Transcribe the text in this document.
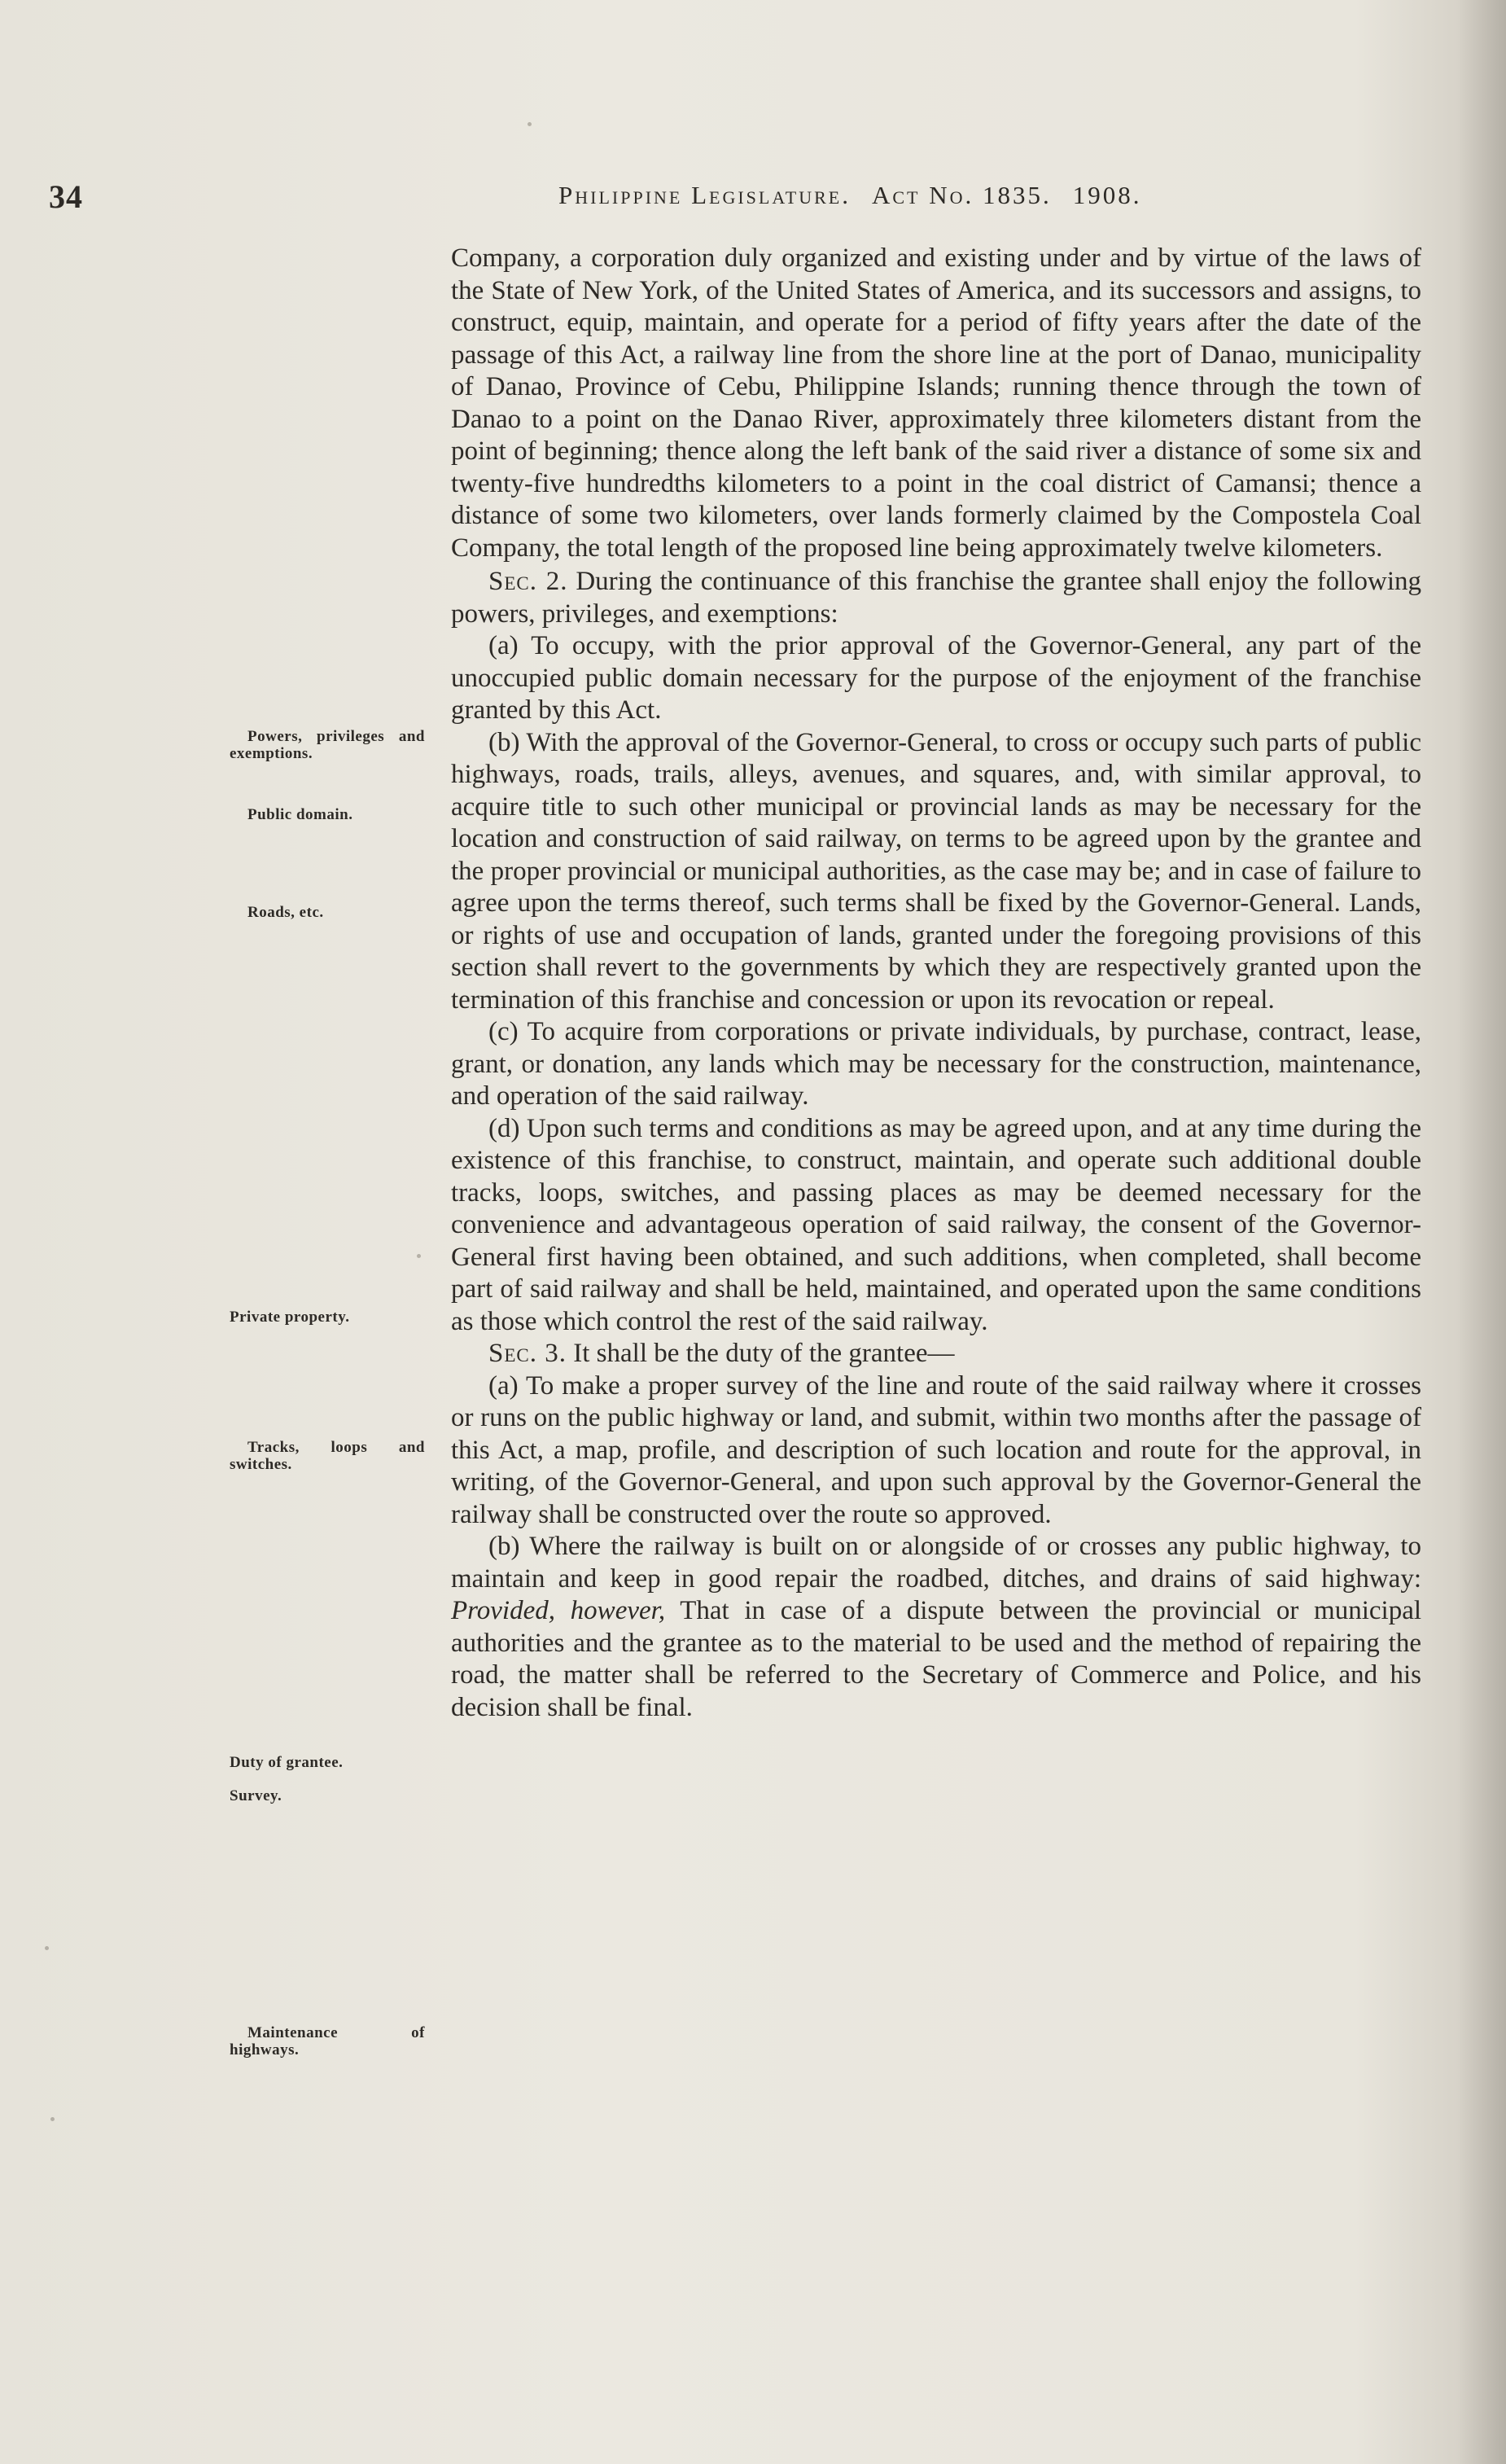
34	Philippine Legislature. Act No. 1835. 1908.
Powers, privileges and exemptions.
Public domain.
Roads, etc.
Private property.
Tracks, loops and switches.
Duty of grantee.
Survey.
Maintenance of highways.

Company, a corporation duly organized and existing under and by virtue of the laws of the State of New York, of the United States of America, and its successors and assigns, to construct, equip, maintain, and operate for a period of fifty years after the date of the passage of this Act, a railway line from the shore line at the port of Danao, municipality of Danao, Province of Cebu, Philippine Islands; running thence through the town of Danao to a point on the Danao River, approximately three kilometers distant from the point of beginning; thence along the left bank of the said river a distance of some six and twenty-five hundredths kilometers to a point in the coal district of Camansi; thence a distance of some two kilometers, over lands formerly claimed by the Compostela Coal Company, the total length of the proposed line being approximately twelve kilometers.

Sec. 2. During the continuance of this franchise the grantee shall enjoy the following powers, privileges, and exemptions:

(a) To occupy, with the prior approval of the Governor-General, any part of the unoccupied public domain necessary for the purpose of the enjoyment of the franchise granted by this Act.

(b) With the approval of the Governor-General, to cross or occupy such parts of public highways, roads, trails, alleys, avenues, and squares, and, with similar approval, to acquire title to such other municipal or provincial lands as may be necessary for the location and construction of said railway, on terms to be agreed upon by the grantee and the proper provincial or municipal authorities, as the case may be; and in case of failure to agree upon the terms thereof, such terms shall be fixed by the Governor-General. Lands, or rights of use and occupation of lands, granted under the foregoing provisions of this section shall revert to the governments by which they are respectively granted upon the termination of this franchise and concession or upon its revocation or repeal.

(c) To acquire from corporations or private individuals, by purchase, contract, lease, grant, or donation, any lands which may be necessary for the construction, maintenance, and operation of the said railway.

(d) Upon such terms and conditions as may be agreed upon, and at any time during the existence of this franchise, to construct, maintain, and operate such additional double tracks, loops, switches, and passing places as may be deemed necessary for the convenience and advantageous operation of said railway, the consent of the Governor-General first having been obtained, and such additions, when completed, shall become part of said railway and shall be held, maintained, and operated upon the same conditions as those which control the rest of the said railway.

Sec. 3. It shall be the duty of the grantee—

(a) To make a proper survey of the line and route of the said railway where it crosses or runs on the public highway or land, and submit, within two months after the passage of this Act, a map, profile, and description of such location and route for the approval, in writing, of the Governor-General, and upon such approval by the Governor-General the railway shall be constructed over the route so approved.

(b) Where the railway is built on or alongside of or crosses any public highway, to maintain and keep in good repair the roadbed, ditches, and drains of said highway: Provided, however, That in case of a dispute between the provincial or municipal authorities and the grantee as to the material to be used and the method of repairing the road, the matter shall be referred to the Secretary of Commerce and Police, and his decision shall be final.
